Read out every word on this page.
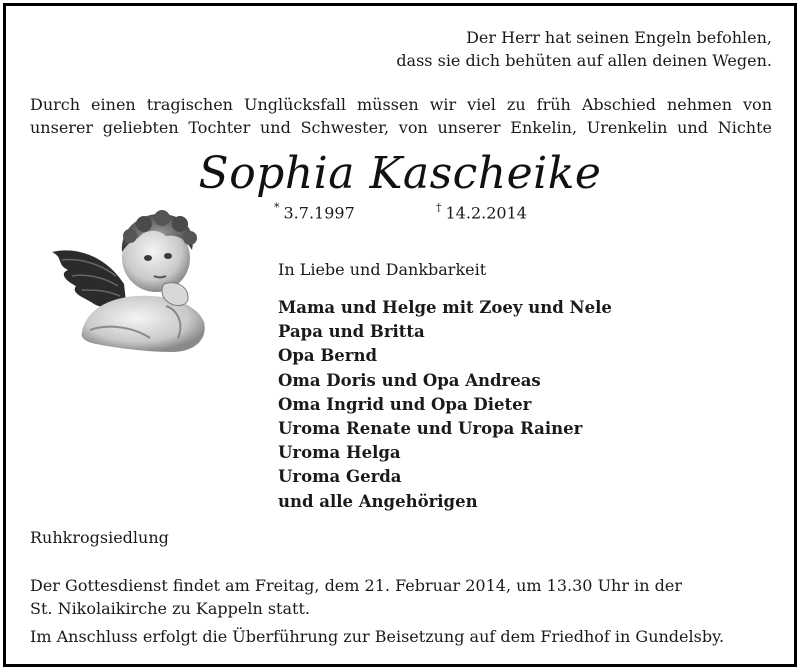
Der Herr hat seinen Engeln befohlen,
dass sie dich behüten auf allen deinen Wegen.
Durch einen tragischen Unglücksfall müssen wir viel zu früh Abschied nehmen von
unserer geliebten Tochter und Schwester, von unserer Enkelin, Urenkelin und Nichte
Sophia Kascheike
* 3.7.1997	† 14.2.2014
In Liebe und Dankbarkeit
Mama und Helge mit Zoey und Nele
Papa und Britta
Opa Bernd
Oma Doris und Opa Andreas
Oma Ingrid und Opa Dieter
Uroma Renate und Uropa Rainer
Uroma Helga
Uroma Gerda
und alle Angehörigen
Ruhkrogsiedlung
Der Gottesdienst findet am Freitag, dem 21. Februar 2014, um 13.30 Uhr in der
St. Nikolaikirche zu Kappeln statt.
Im Anschluss erfolgt die Überführung zur Beisetzung auf dem Friedhof in Gundelsby.
